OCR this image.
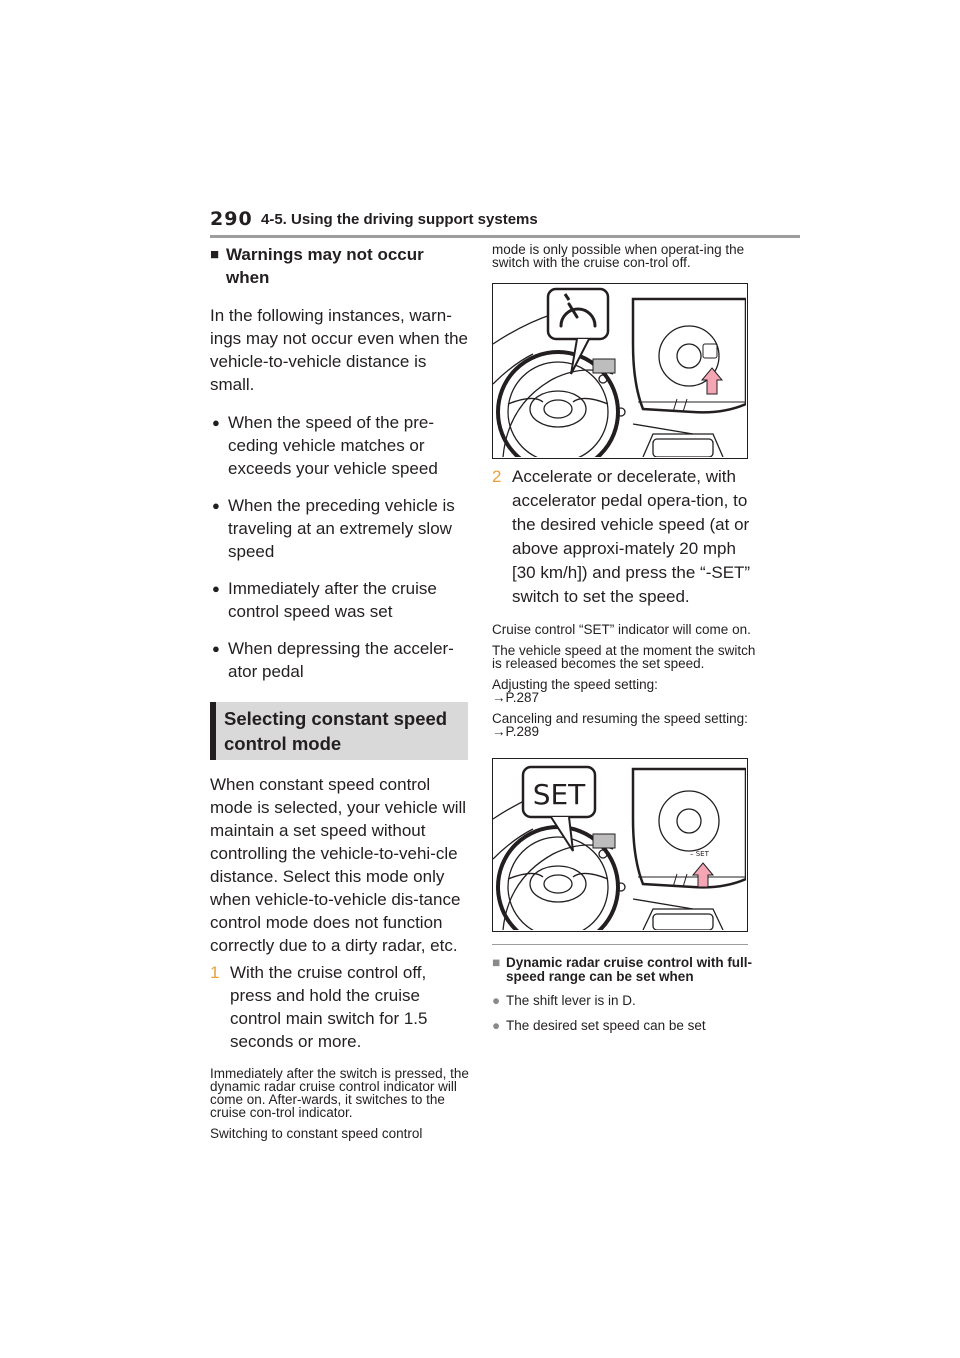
290 4-5. Using the driving support systems
■ Warnings may not occur when

In the following instances, warn-ings may not occur even when the vehicle-to-vehicle distance is small.

● When the speed of the pre-ceding vehicle matches or exceeds your vehicle speed
● When the preceding vehicle is traveling at an extremely slow speed
● Immediately after the cruise control speed was set
● When depressing the acceler-ator pedal
Selecting constant speed control mode

When constant speed control mode is selected, your vehicle will maintain a set speed without controlling the vehicle-to-vehi-cle distance. Select this mode only when vehicle-to-vehicle dis-tance control mode does not function correctly due to a dirty radar, etc.

1 With the cruise control off, press and hold the cruise control main switch for 1.5 seconds or more.

Immediately after the switch is pressed, the dynamic radar cruise control indicator will come on. After-wards, it switches to the cruise con-trol indicator.

Switching to constant speed control

mode is only possible when operat-ing the switch with the cruise con-trol off.

2 Accelerate or decelerate, with accelerator pedal opera-tion, to the desired vehicle speed (at or above approxi-mately 20 mph [30 km/h]) and press the “-SET” switch to set the speed.

Cruise control “SET” indicator will come on.

The vehicle speed at the moment the switch is released becomes the set speed.

Adjusting the speed setting:
→P.287

Canceling and resuming the speed setting: →P.289

SET
– SET
■ Dynamic radar cruise control with full-speed range can be set when
● The shift lever is in D.
● The desired set speed can be set
